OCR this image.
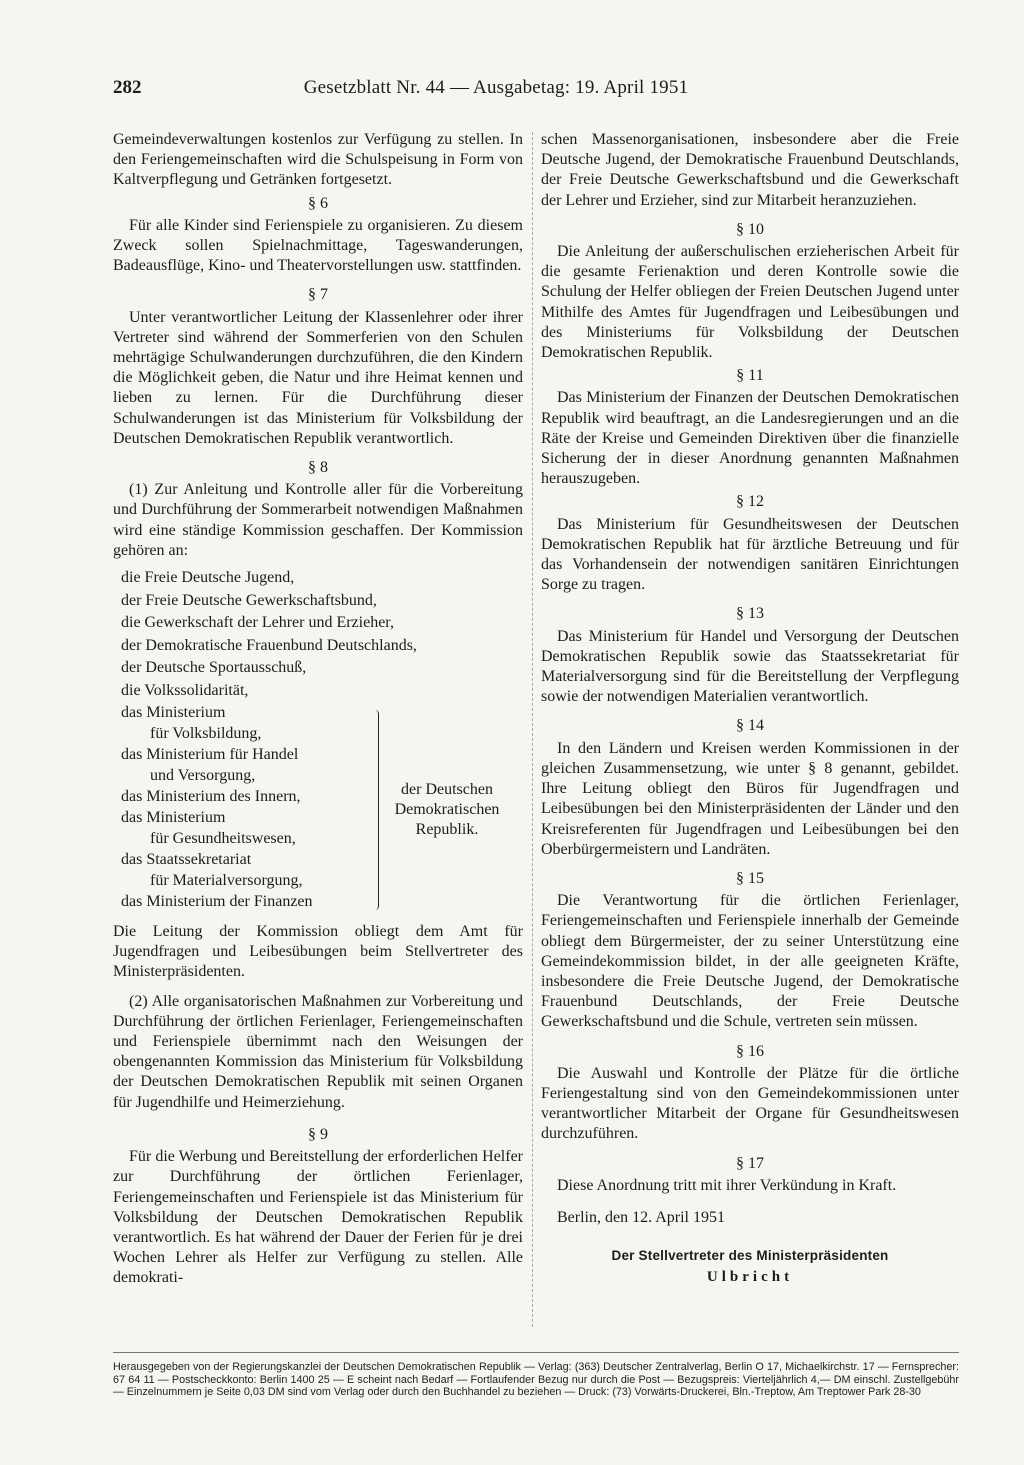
282	Gesetzblatt Nr. 44 — Ausgabetag: 19. April 1951

Gemeindeverwaltungen kostenlos zur Verfügung zu stellen. In den Feriengemeinschaften wird die Schulspeisung in Form von Kaltverpflegung und Getränken fortgesetzt.

§ 6

Für alle Kinder sind Ferienspiele zu organisieren. Zu diesem Zweck sollen Spielnachmittage, Tageswanderungen, Badeausflüge, Kino- und Theatervorstellungen usw. stattfinden.

§ 7

Unter verantwortlicher Leitung der Klassenlehrer oder ihrer Vertreter sind während der Sommerferien von den Schulen mehrtägige Schulwanderungen durchzuführen, die den Kindern die Möglichkeit geben, die Natur und ihre Heimat kennen und lieben zu lernen. Für die Durchführung dieser Schulwanderungen ist das Ministerium für Volksbildung der Deutschen Demokratischen Republik verantwortlich.

§ 8

(1) Zur Anleitung und Kontrolle aller für die Vorbereitung und Durchführung der Sommerarbeit notwendigen Maßnahmen wird eine ständige Kommission geschaffen. Der Kommission gehören an:

die Freie Deutsche Jugend,
der Freie Deutsche Gewerkschaftsbund,
die Gewerkschaft der Lehrer und Erzieher,
der Demokratische Frauenbund Deutschlands,
der Deutsche Sportausschuß,
die Volkssolidarität,
das Ministerium
für Volksbildung,
das Ministerium für Handel
und Versorgung,
das Ministerium des Innern,
das Ministerium
für Gesundheitswesen,
das Staatssekretariat
für Materialversorgung,
das Ministerium der Finanzen
der Deutschen
Demokratischen
Republik.

Die Leitung der Kommission obliegt dem Amt für Jugendfragen und Leibesübungen beim Stellvertreter des Ministerpräsidenten.

(2) Alle organisatorischen Maßnahmen zur Vorbereitung und Durchführung der örtlichen Ferienlager, Feriengemeinschaften und Ferienspiele übernimmt nach den Weisungen der obengenannten Kommission das Ministerium für Volksbildung der Deutschen Demokratischen Republik mit seinen Organen für Jugendhilfe und Heimerziehung.

§ 9

Für die Werbung und Bereitstellung der erforderlichen Helfer zur Durchführung der örtlichen Ferienlager, Feriengemeinschaften und Ferienspiele ist das Ministerium für Volksbildung der Deutschen Demokratischen Republik verantwortlich. Es hat während der Dauer der Ferien für je drei Wochen Lehrer als Helfer zur Verfügung zu stellen. Alle demokrati-

schen Massenorganisationen, insbesondere aber die Freie Deutsche Jugend, der Demokratische Frauenbund Deutschlands, der Freie Deutsche Gewerkschaftsbund und die Gewerkschaft der Lehrer und Erzieher, sind zur Mitarbeit heranzuziehen.

§ 10

Die Anleitung der außerschulischen erzieherischen Arbeit für die gesamte Ferienaktion und deren Kontrolle sowie die Schulung der Helfer obliegen der Freien Deutschen Jugend unter Mithilfe des Amtes für Jugendfragen und Leibesübungen und des Ministeriums für Volksbildung der Deutschen Demokratischen Republik.

§ 11

Das Ministerium der Finanzen der Deutschen Demokratischen Republik wird beauftragt, an die Landesregierungen und an die Räte der Kreise und Gemeinden Direktiven über die finanzielle Sicherung der in dieser Anordnung genannten Maßnahmen herauszugeben.

§ 12

Das Ministerium für Gesundheitswesen der Deutschen Demokratischen Republik hat für ärztliche Betreuung und für das Vorhandensein der notwendigen sanitären Einrichtungen Sorge zu tragen.

§ 13

Das Ministerium für Handel und Versorgung der Deutschen Demokratischen Republik sowie das Staatssekretariat für Materialversorgung sind für die Bereitstellung der Verpflegung sowie der notwendigen Materialien verantwortlich.

§ 14

In den Ländern und Kreisen werden Kommissionen in der gleichen Zusammensetzung, wie unter § 8 genannt, gebildet. Ihre Leitung obliegt den Büros für Jugendfragen und Leibesübungen bei den Ministerpräsidenten der Länder und den Kreisreferenten für Jugendfragen und Leibesübungen bei den Oberbürgermeistern und Landräten.

§ 15

Die Verantwortung für die örtlichen Ferienlager, Feriengemeinschaften und Ferienspiele innerhalb der Gemeinde obliegt dem Bürgermeister, der zu seiner Unterstützung eine Gemeindekommission bildet, in der alle geeigneten Kräfte, insbesondere die Freie Deutsche Jugend, der Demokratische Frauenbund Deutschlands, der Freie Deutsche Gewerkschaftsbund und die Schule, vertreten sein müssen.

§ 16

Die Auswahl und Kontrolle der Plätze für die örtliche Feriengestaltung sind von den Gemeindekommissionen unter verantwortlicher Mitarbeit der Organe für Gesundheitswesen durchzuführen.

§ 17

Diese Anordnung tritt mit ihrer Verkündung in Kraft.

Berlin, den 12. April 1951

Der Stellvertreter des Ministerpräsidenten
Ulbricht
Herausgegeben von der Regierungskanzlei der Deutschen Demokratischen Republik — Verlag: (363) Deutscher Zentralverlag, Berlin O 17, Michaelkirchstr. 17 — Fernsprecher: 67 64 11 — Postscheckkonto: Berlin 1400 25 — E scheint nach Bedarf — Fortlaufender Bezug nur durch die Post — Bezugspreis: Vierteljährlich 4,— DM einschl. Zustellgebühr — Einzelnummern je Seite 0,03 DM sind vom Verlag oder durch den Buchhandel zu beziehen — Druck: (73) Vorwärts-Druckerei, Bln.-Treptow, Am Treptower Park 28-30
